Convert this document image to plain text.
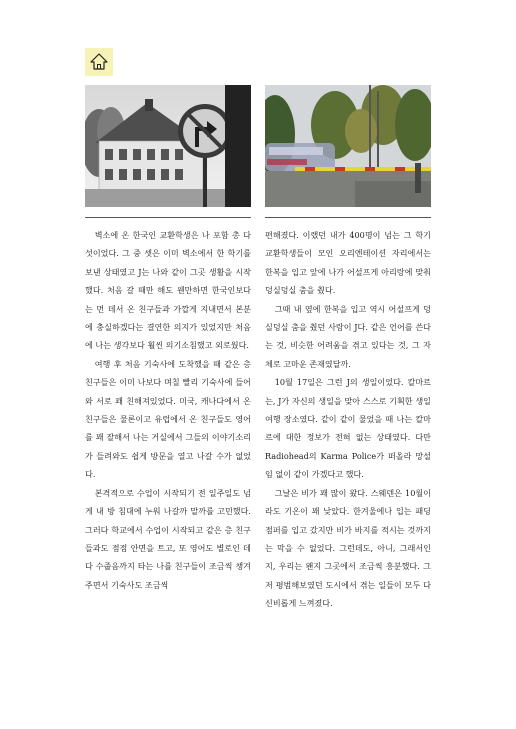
벽소에 온 한국인 교환학생은 나 포함 총 다섯이었다. 그 중 셋은 이미 벽소에서 한 학기를 보낸 상태였고 J는 나와 같이 그곳 생활을 시작했다. 처음 갈 때만 해도 웬만하면 한국인보다는 먼 데서 온 친구들과 가깝게 지내면서 본분에 충실하겠다는 결연한 의지가 있었지만 처음에 나는 생각보다 훨씬 의기소침했고 외로웠다.

여행 후 처음 기숙사에 도착했을 때 같은 층 친구들은 이미 나보다 며칠 빨리 기숙사에 들어와 서로 꽤 친해져있었다. 미국, 캐나다에서 온 친구들은 물론이고 유럽에서 온 친구들도 영어를 꽤 잘해서 나는 거실에서 그들의 이야기소리가 들려와도 쉽게 방문을 열고 나갈 수가 없었다.

본격적으로 수업이 시작되기 전 일주일도 넘게 내 방 침대에 누워 나갈까 말까를 고민했다. 그러다 학교에서 수업이 시작되고 같은 층 친구들과도 점점 안면을 트고, 또 영어도 별로인 데다 수줍음까지 타는 나를 친구들이 조금씩 챙겨주면서 기숙사도 조금씩

편해졌다. 이랬던 내가 400명이 넘는 그 학기 교환학생들이 모인 오리엔테이션 자리에서는 한복을 입고 앞에 나가 어설프게 아리랑에 맞춰 덩실덩실 춤을 췄다.

그때 내 옆에 한복을 입고 역시 어설프게 덩실덩실 춤을 췄던 사람이 J다. 같은 언어를 쓴다는 것, 비슷한 어려움을 겪고 있다는 것, 그 자체로 고마운 존재였달까.

10월 17일은 그런 J의 생일이었다. 칼마르는, J가 자신의 생일을 맞아 스스로 기획한 생일 여행 장소였다. 같이 같이 물었을 때 나는 칼마르에 대한 정보가 전혀 없는 상태였다. 다만 Radiohead의 Karma Police가 떠올라 망설임 없이 같이 가겠다고 했다.

그날은 비가 꽤 많이 왔다. 스웨덴은 10월이라도 기온이 꽤 낮았다. 한겨울에나 입는 패딩점퍼를 입고 갔지만 비가 바지를 적시는 것까지는 막을 수 없었다. 그런데도, 아니, 그래서인지, 우리는 왠지 그곳에서 조금씩 흥분했다. 그저 평범해보였던 도시에서 겪는 일들이 모두 다 신비롭게 느껴졌다.
